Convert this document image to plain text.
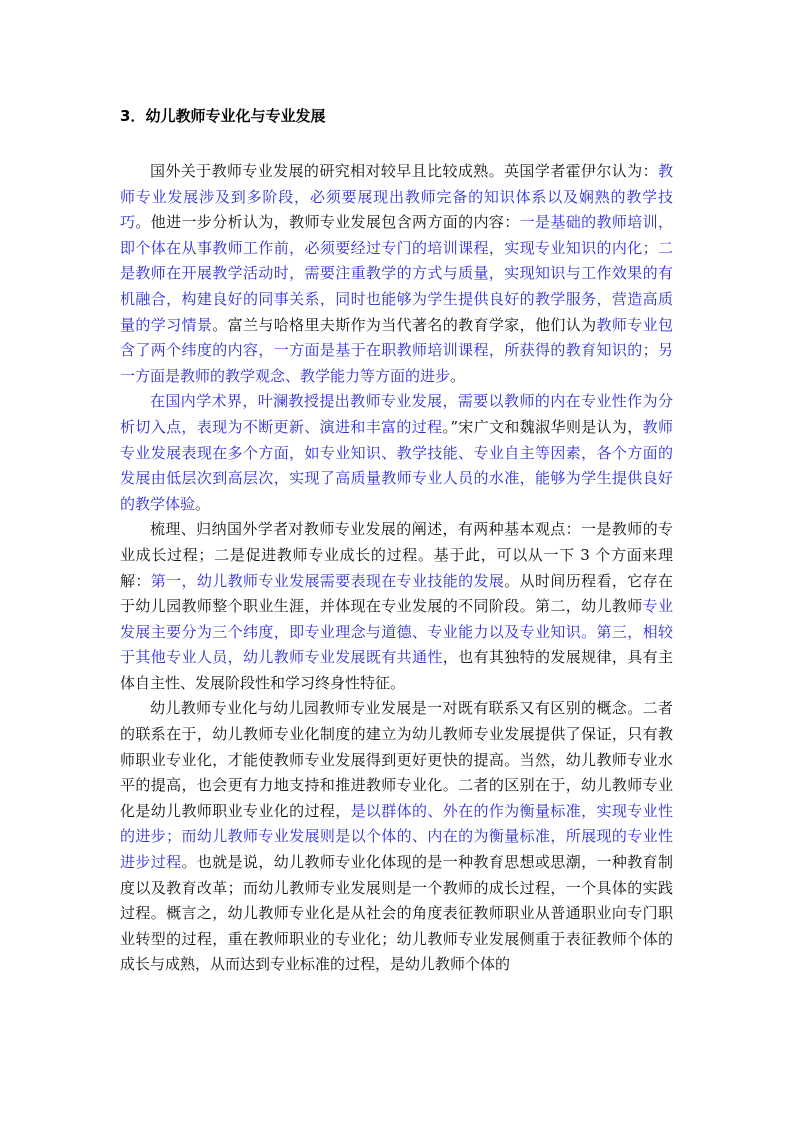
3．幼儿教师专业化与专业发展

国外关于教师专业发展的研究相对较早且比较成熟。英国学者霍伊尔认为：教师专业发展涉及到多阶段，必须要展现出教师完备的知识体系以及娴熟的教学技巧。他进一步分析认为，教师专业发展包含两方面的内容：一是基础的教师培训，即个体在从事教师工作前，必须要经过专门的培训课程，实现专业知识的内化；二是教师在开展教学活动时，需要注重教学的方式与质量，实现知识与工作效果的有机融合，构建良好的同事关系，同时也能够为学生提供良好的教学服务，营造高质量的学习情景。富兰与哈格里夫斯作为当代著名的教育学家，他们认为教师专业包含了两个纬度的内容，一方面是基于在职教师培训课程，所获得的教育知识的；另一方面是教师的教学观念、教学能力等方面的进步。

在国内学术界，叶澜教授提出教师专业发展，需要以教师的内在专业性作为分析切入点，表现为不断更新、演进和丰富的过程。”宋广文和魏淑华则是认为，教师专业发展表现在多个方面，如专业知识、教学技能、专业自主等因素，各个方面的发展由低层次到高层次，实现了高质量教师专业人员的水准，能够为学生提供良好的教学体验。

梳理、归纳国外学者对教师专业发展的阐述，有两种基本观点：一是教师的专业成长过程；二是促进教师专业成长的过程。基于此，可以从一下 3 个方面来理解：第一，幼儿教师专业发展需要表现在专业技能的发展。从时间历程看，它存在于幼儿园教师整个职业生涯，并体现在专业发展的不同阶段。第二，幼儿教师专业发展主要分为三个纬度，即专业理念与道德、专业能力以及专业知识。第三，相较于其他专业人员，幼儿教师专业发展既有共通性，也有其独特的发展规律，具有主体自主性、发展阶段性和学习终身性特征。

幼儿教师专业化与幼儿园教师专业发展是一对既有联系又有区别的概念。二者的联系在于，幼儿教师专业化制度的建立为幼儿教师专业发展提供了保证，只有教师职业专业化，才能使教师专业发展得到更好更快的提高。当然，幼儿教师专业水平的提高，也会更有力地支持和推进教师专业化。二者的区别在于，幼儿教师专业化是幼儿教师职业专业化的过程，是以群体的、外在的作为衡量标准，实现专业性的进步；而幼儿教师专业发展则是以个体的、内在的为衡量标准，所展现的专业性进步过程。也就是说，幼儿教师专业化体现的是一种教育思想或思潮，一种教育制度以及教育改革；而幼儿教师专业发展则是一个教师的成长过程，一个具体的实践过程。概言之，幼儿教师专业化是从社会的角度表征教师职业从普通职业向专门职业转型的过程，重在教师职业的专业化；幼儿教师专业发展侧重于表征教师个体的成长与成熟，从而达到专业标准的过程，是幼儿教师个体的
